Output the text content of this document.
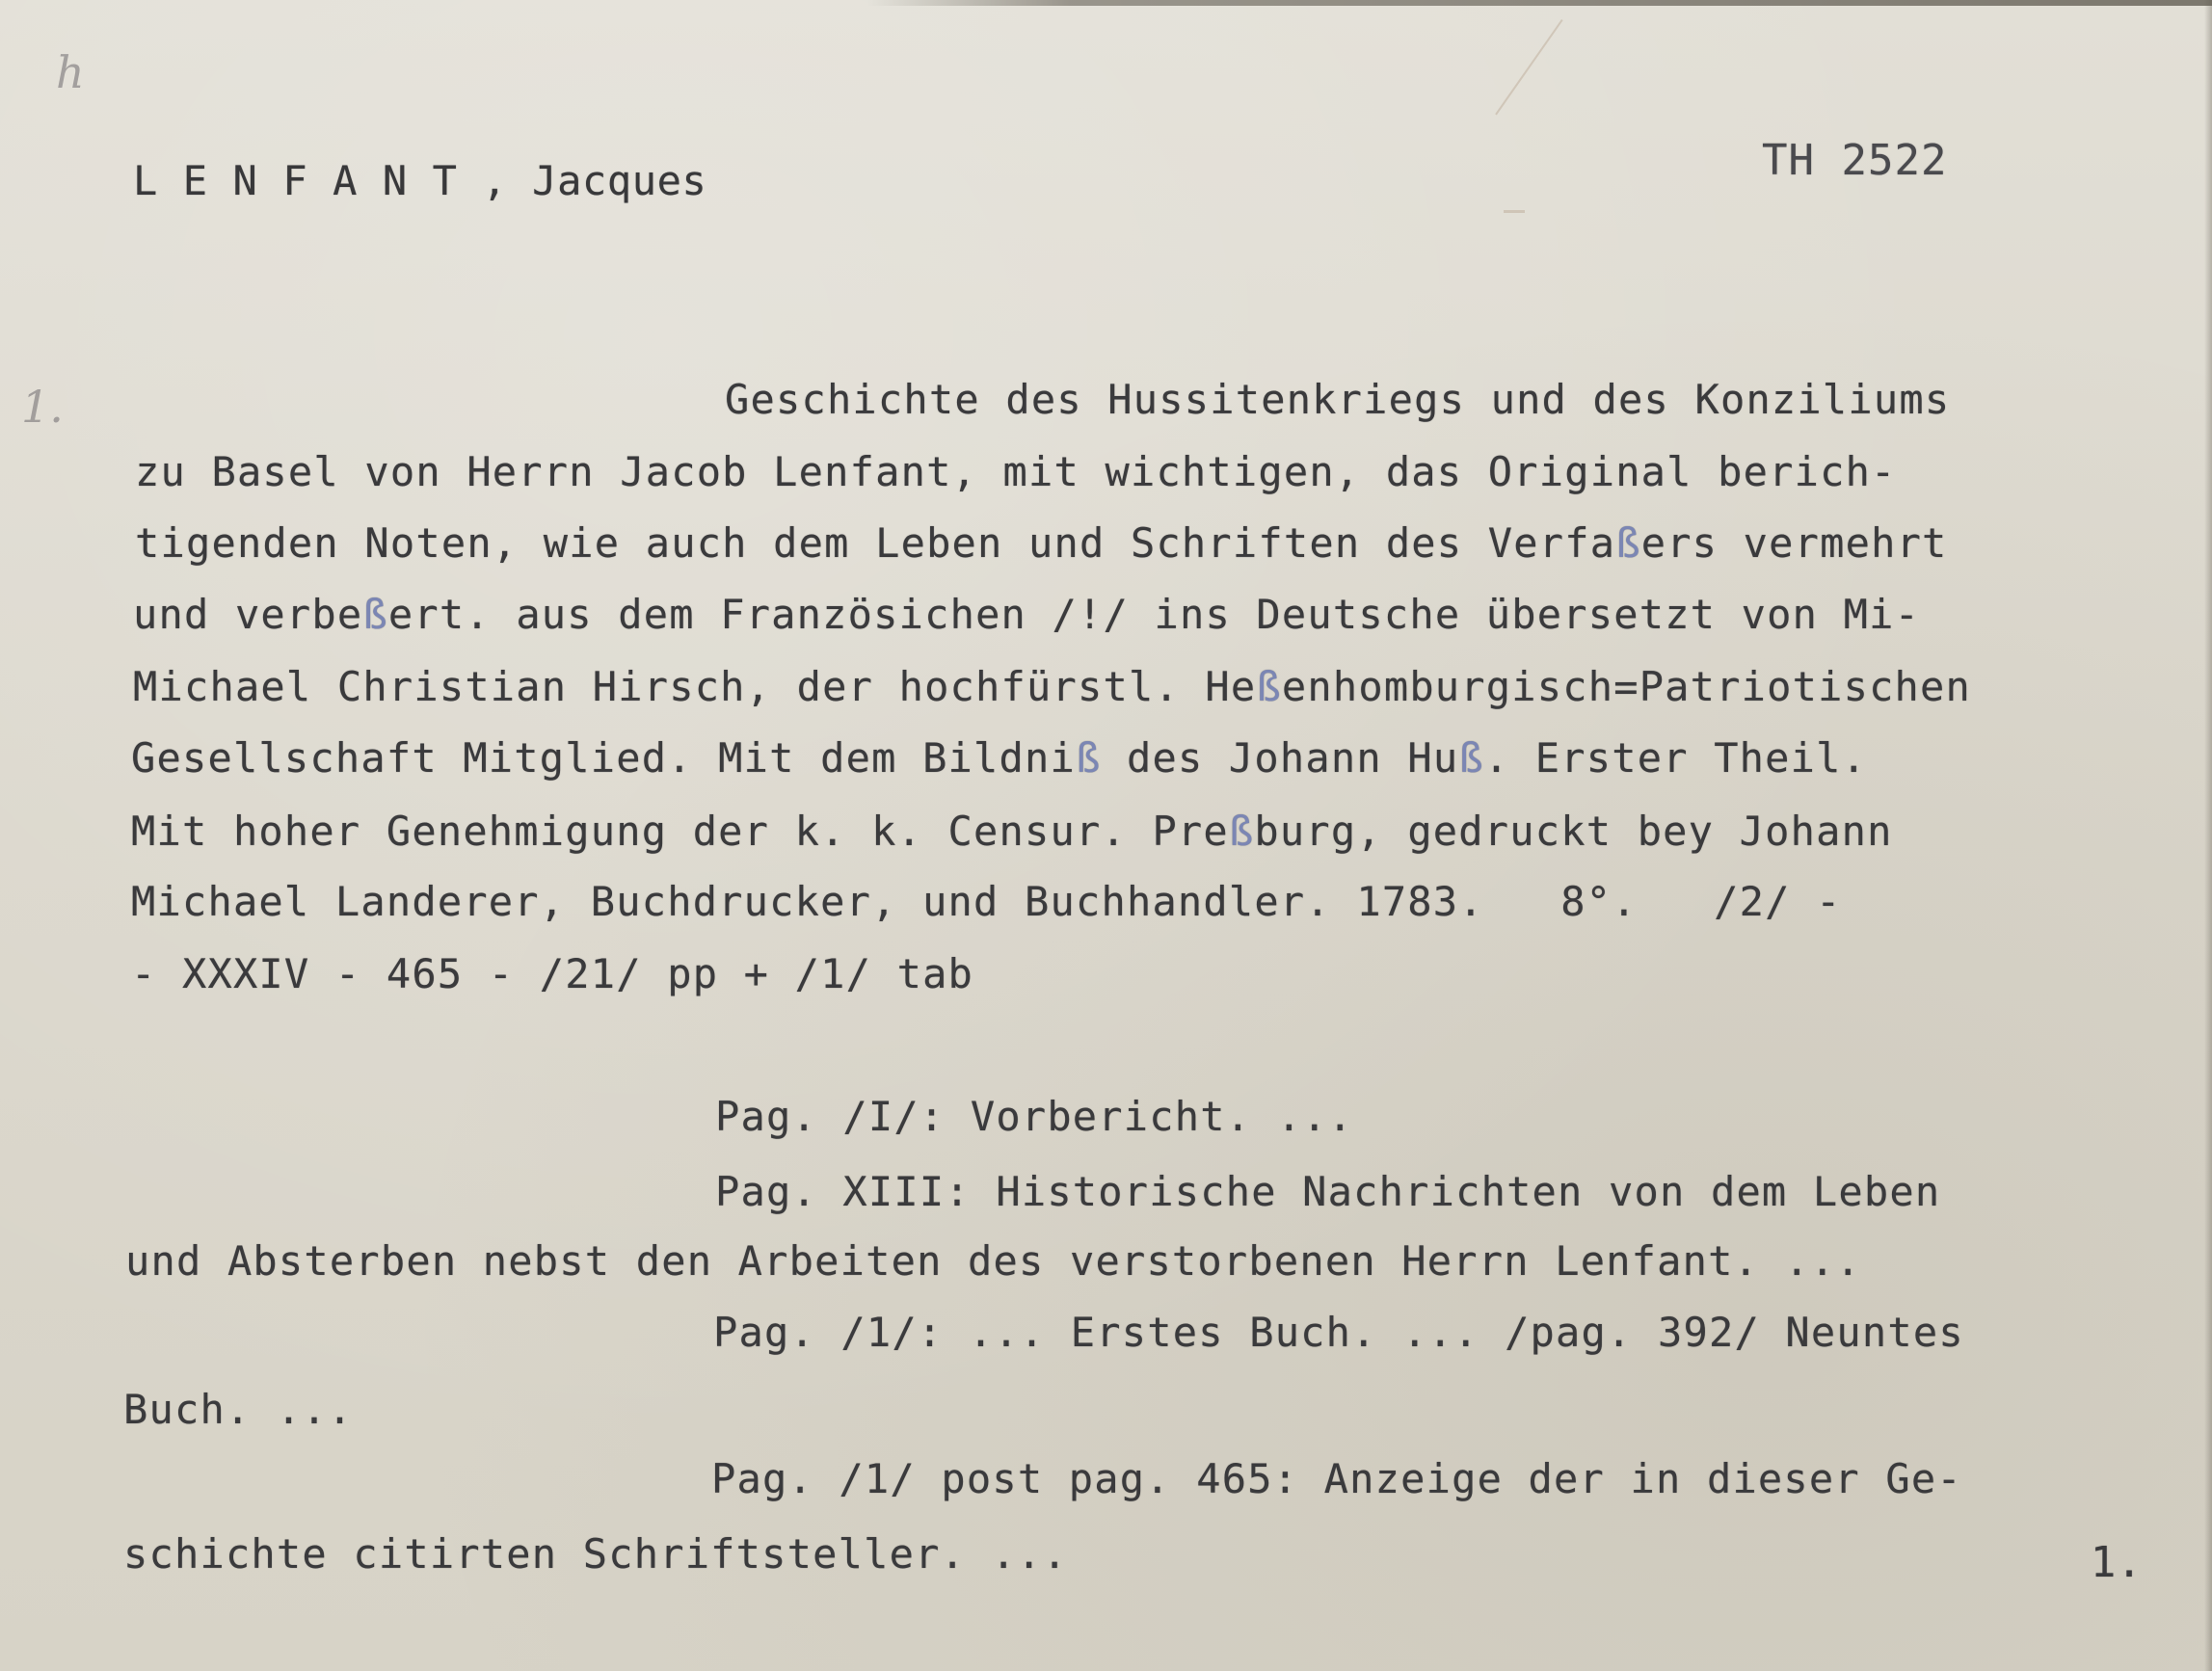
h
1.
L E N F A N T , Jacques	TH 2522
Geschichte des Hussitenkriegs und des Konziliums
zu Basel von Herrn Jacob Lenfant, mit wichtigen, das Original berich-
tigenden Noten, wie auch dem Leben und Schriften des Verfaßers vermehrt
und verbeßert. aus dem Französichen /!/ ins Deutsche übersetzt von Mi-
Michael Christian Hirsch, der hochfürstl. Heßenhomburgisch=Patriotischen
Gesellschaft Mitglied. Mit dem Bildniß des Johann Huß. Erster Theil.
Mit hoher Genehmigung der k. k. Censur. Preßburg, gedruckt bey Johann
Michael Landerer, Buchdrucker, und Buchhandler. 1783.   8°.   /2/ -
- XXXIV - 465 - /21/ pp + /1/ tab
Pag. /I/: Vorbericht. ...
Pag. XIII: Historische Nachrichten von dem Leben
und Absterben nebst den Arbeiten des verstorbenen Herrn Lenfant. ...
Pag. /1/: ... Erstes Buch. ... /pag. 392/ Neuntes
Buch. ...
Pag. /1/ post pag. 465: Anzeige der in dieser Ge-
schichte citirten Schriftsteller. ...	1.
